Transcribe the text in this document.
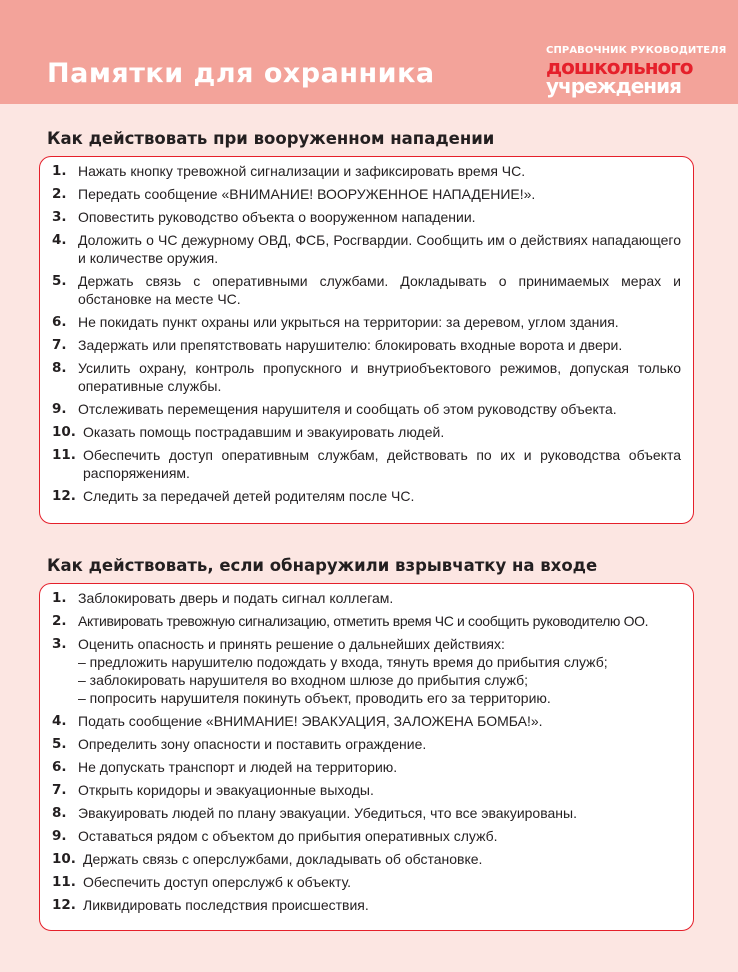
Памятки для охранника
СПРАВОЧНИК РУКОВОДИТЕЛЯ
дошкольного
учреждения
Как действовать при вооруженном нападении
1. Нажать кнопку тревожной сигнализации и зафиксировать время ЧС.
2. Передать сообщение «ВНИМАНИЕ! ВООРУЖЕННОЕ НАПАДЕНИЕ!».
3. Оповестить руководство объекта о вооруженном нападении.
4. Доложить о ЧС дежурному ОВД, ФСБ, Росгвардии. Сообщить им о действиях нападающего и количестве оружия.
5. Держать связь с оперативными службами. Докладывать о принимаемых мерах и обстановке на месте ЧС.
6. Не покидать пункт охраны или укрыться на территории: за деревом, углом здания.
7. Задержать или препятствовать нарушителю: блокировать входные ворота и двери.
8. Усилить охрану, контроль пропускного и внутриобъектового режимов, допуская только оперативные службы.
9. Отслеживать перемещения нарушителя и сообщать об этом руководству объекта.
10. Оказать помощь пострадавшим и эвакуировать людей.
11. Обеспечить доступ оперативным службам, действовать по их и руководства объекта распоряжениям.
12. Следить за передачей детей родителям после ЧС.
Как действовать, если обнаружили взрывчатку на входе
1. Заблокировать дверь и подать сигнал коллегам.
2. Активировать тревожную сигнализацию, отметить время ЧС и сообщить руководителю ОО.
3. Оценить опасность и принять решение о дальнейших действиях:
– предложить нарушителю подождать у входа, тянуть время до прибытия служб;
– заблокировать нарушителя во входном шлюзе до прибытия служб;
– попросить нарушителя покинуть объект, проводить его за территорию.
4. Подать сообщение «ВНИМАНИЕ! ЭВАКУАЦИЯ, ЗАЛОЖЕНА БОМБА!».
5. Определить зону опасности и поставить ограждение.
6. Не допускать транспорт и людей на территорию.
7. Открыть коридоры и эвакуационные выходы.
8. Эвакуировать людей по плану эвакуации. Убедиться, что все эвакуированы.
9. Оставаться рядом с объектом до прибытия оперативных служб.
10. Держать связь с оперслужбами, докладывать об обстановке.
11. Обеспечить доступ оперслужб к объекту.
12. Ликвидировать последствия происшествия.
